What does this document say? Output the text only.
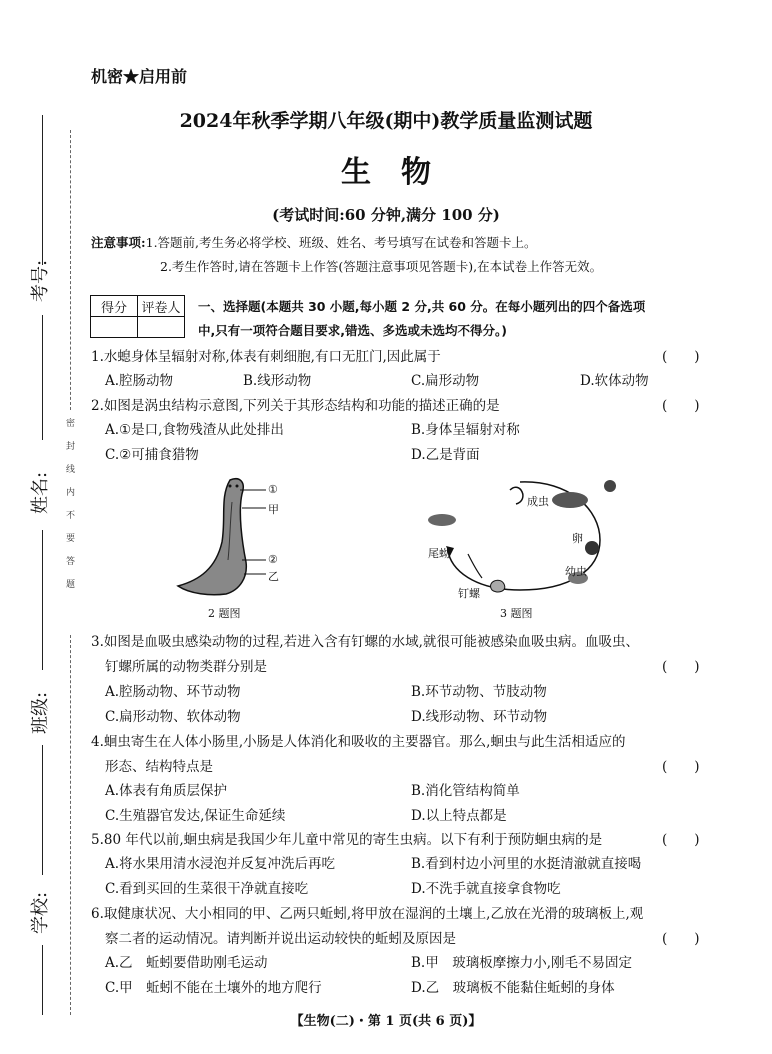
考号:
姓名:
班级:
学校:
密封线内不要答题
机密★启用前
2024年秋季学期八年级(期中)教学质量监测试题
生　物
(考试时间:60 分钟,满分 100 分)
注意事项:1.答题前,考生务必将学校、班级、姓名、考号填写在试卷和答题卡上。
2.考生作答时,请在答题卡上作答(答题注意事项见答题卡),在本试卷上作答无效。
得分	评卷人
	一、选择题(本题共 30 小题,每小题 2 分,共 60 分。在每小题列出的四个备选项
中,只有一项符合题目要求,错选、多选或未选均不得分。)
1.水螅身体呈辐射对称,体表有刺细胞,有口无肛门,因此属于	(　　)
A.腔肠动物	B.线形动物	C.扁形动物	D.软体动物
2.如图是涡虫结构示意图,下列关于其形态结构和功能的描述正确的是	(　　)
A.①是口,食物残渣从此处排出	B.身体呈辐射对称
C.②可捕食猎物	D.乙是背面
①
甲
②
乙
2 题图
成虫
卵
幼虫
钉螺
尾蚴
3 题图
3.如图是血吸虫感染动物的过程,若进入含有钉螺的水域,就很可能被感染血吸虫病。血吸虫、
钉螺所属的动物类群分别是	(　　)
A.腔肠动物、环节动物	B.环节动物、节肢动物
C.扁形动物、软体动物	D.线形动物、环节动物
4.蛔虫寄生在人体小肠里,小肠是人体消化和吸收的主要器官。那么,蛔虫与此生活相适应的
形态、结构特点是	(　　)
A.体表有角质层保护	B.消化管结构简单
C.生殖器官发达,保证生命延续	D.以上特点都是
5.80 年代以前,蛔虫病是我国少年儿童中常见的寄生虫病。以下有利于预防蛔虫病的是	(　　)
A.将水果用清水浸泡并反复冲洗后再吃	B.看到村边小河里的水挺清澈就直接喝
C.看到买回的生菜很干净就直接吃	D.不洗手就直接拿食物吃
6.取健康状况、大小相同的甲、乙两只蚯蚓,将甲放在湿润的土壤上,乙放在光滑的玻璃板上,观
察二者的运动情况。请判断并说出运动较快的蚯蚓及原因是	(　　)
A.乙　蚯蚓要借助刚毛运动	B.甲　玻璃板摩擦力小,刚毛不易固定
C.甲　蚯蚓不能在土壤外的地方爬行	D.乙　玻璃板不能黏住蚯蚓的身体
【生物(二)・第 1 页(共 6 页)】
